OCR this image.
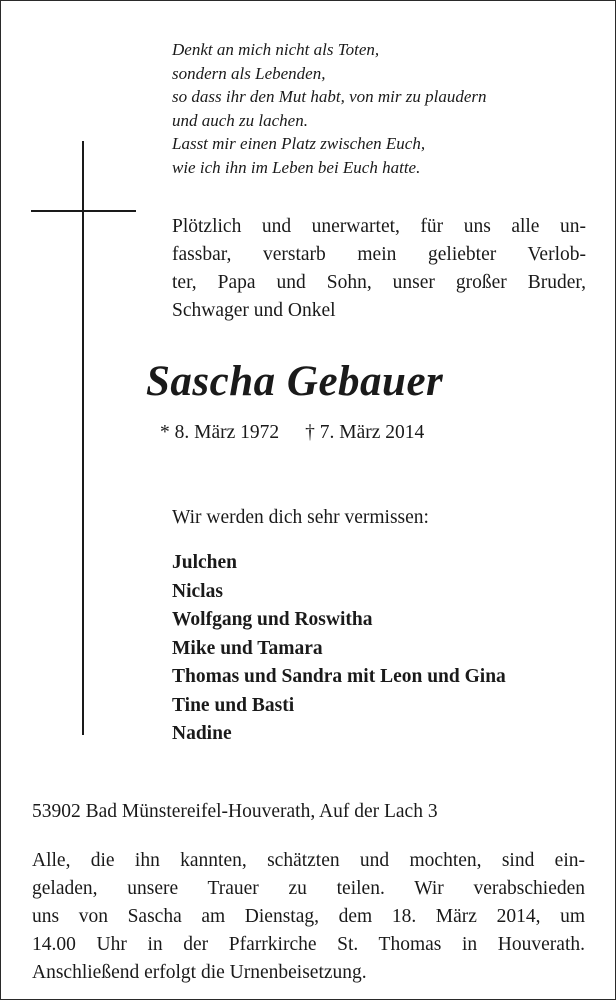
Denkt an mich nicht als Toten,
sondern als Lebenden,
so dass ihr den Mut habt, von mir zu plaudern
und auch zu lachen.
Lasst mir einen Platz zwischen Euch,
wie ich ihn im Leben bei Euch hatte.
Plötzlich und unerwartet, für uns alle un-
fassbar, verstarb mein geliebter Verlob-
ter, Papa und Sohn, unser großer Bruder,
Schwager und Onkel
Sascha Gebauer
* 8. März 1972 † 7. März 2014
Wir werden dich sehr vermissen:
Julchen
Niclas
Wolfgang und Roswitha
Mike und Tamara
Thomas und Sandra mit Leon und Gina
Tine und Basti
Nadine
53902 Bad Münstereifel-Houverath, Auf der Lach 3
Alle, die ihn kannten, schätzten und mochten, sind ein-
geladen, unsere Trauer zu teilen. Wir verabschieden
uns von Sascha am Dienstag, dem 18. März 2014, um
14.00 Uhr in der Pfarrkirche St. Thomas in Houverath.
Anschließend erfolgt die Urnenbeisetzung.
